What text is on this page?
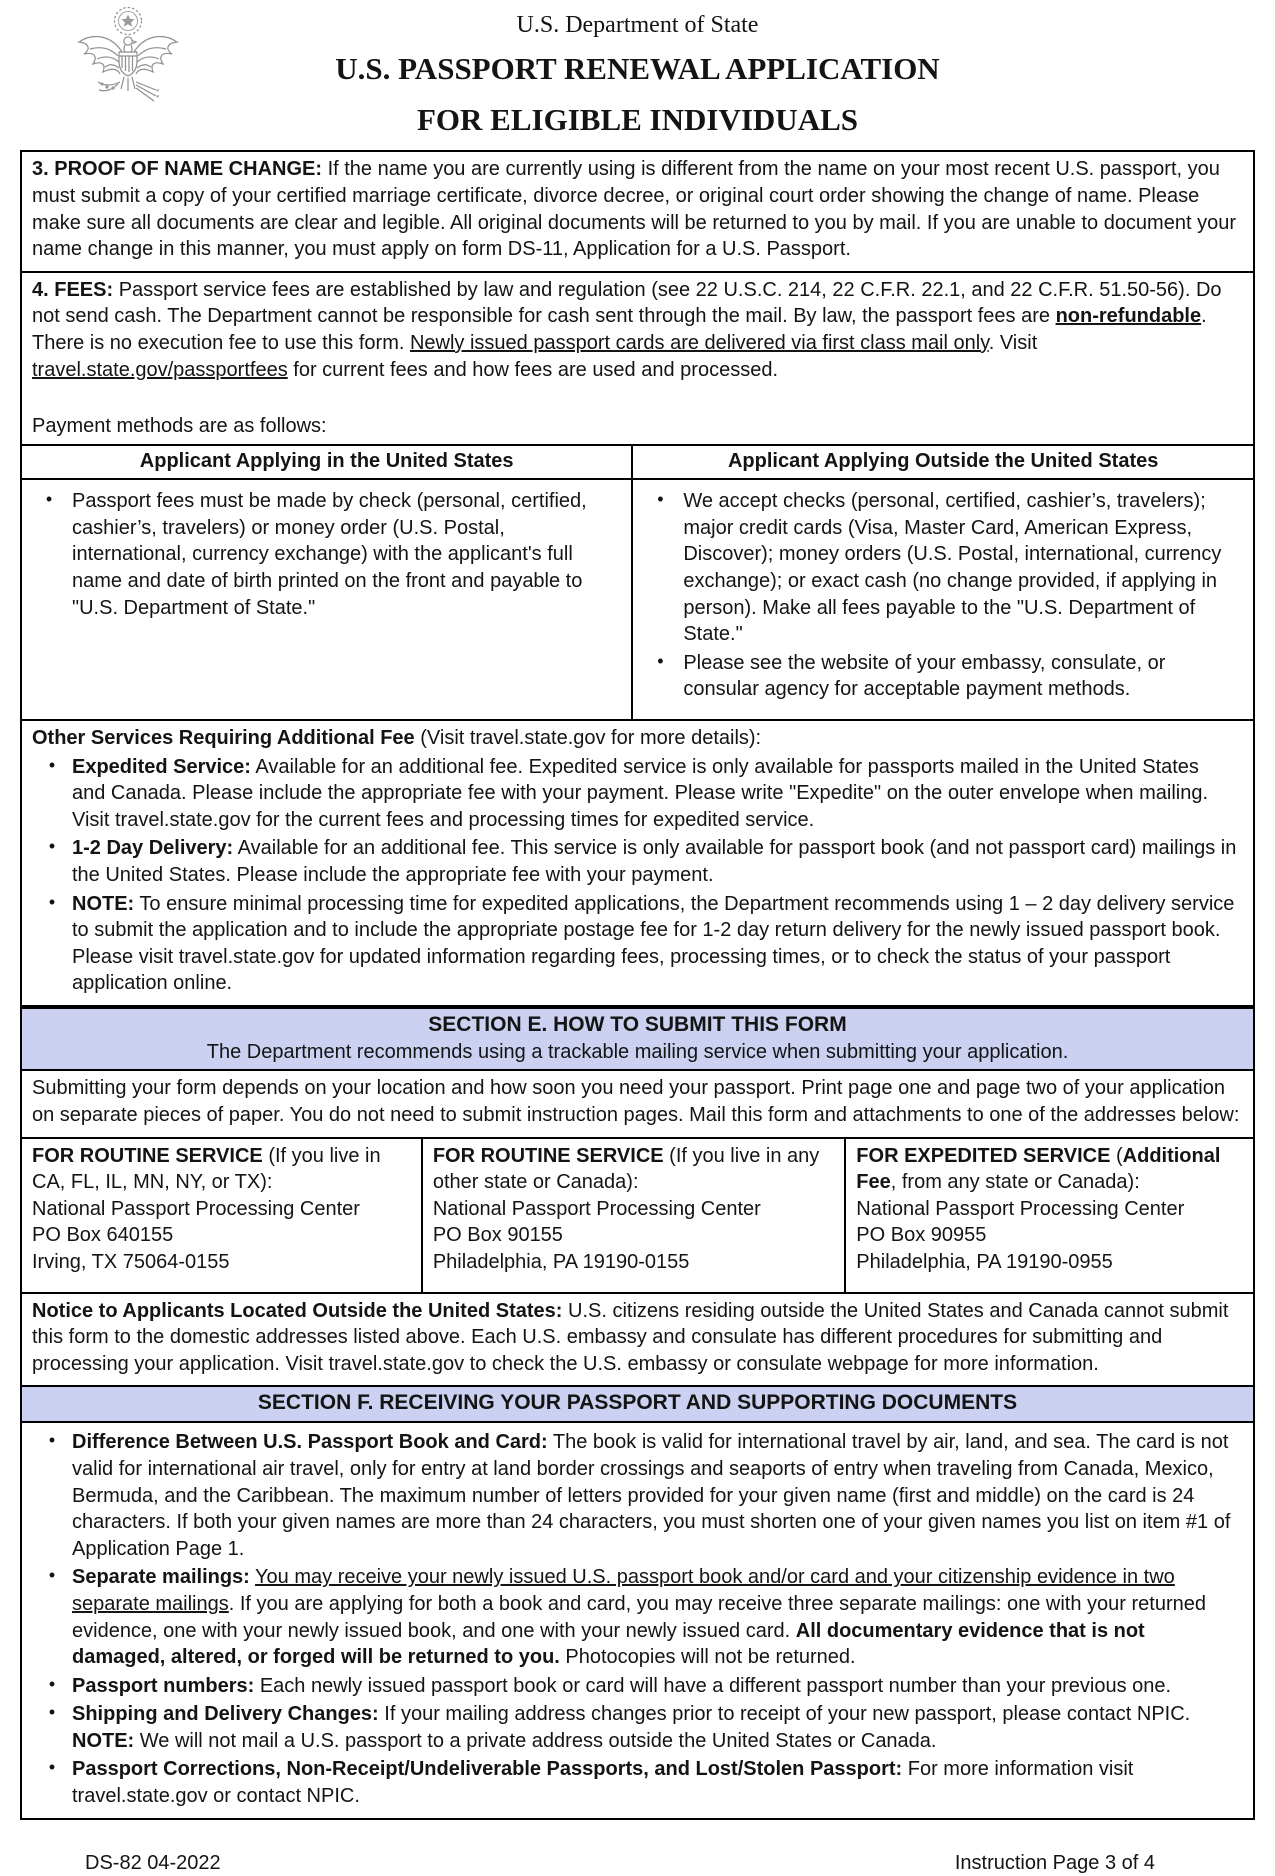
U.S. Department of State
U.S. PASSPORT RENEWAL APPLICATION
FOR ELIGIBLE INDIVIDUALS
3. PROOF OF NAME CHANGE: If the name you are currently using is different from the name on your most recent U.S. passport, you must submit a copy of your certified marriage certificate, divorce decree, or original court order showing the change of name. Please make sure all documents are clear and legible. All original documents will be returned to you by mail. If you are unable to document your name change in this manner, you must apply on form DS-11, Application for a U.S. Passport.
4. FEES: Passport service fees are established by law and regulation (see 22 U.S.C. 214, 22 C.F.R. 22.1, and 22 C.F.R. 51.50-56). Do not send cash. The Department cannot be responsible for cash sent through the mail. By law, the passport fees are non-refundable. There is no execution fee to use this form. Newly issued passport cards are delivered via first class mail only. Visit travel.state.gov/passportfees for current fees and how fees are used and processed.
Payment methods are as follows:
Applicant Applying in the United States
• Passport fees must be made by check (personal, certified, cashier’s, travelers) or money order (U.S. Postal, international, currency exchange) with the applicant's full name and date of birth printed on the front and payable to "U.S. Department of State."
Applicant Applying Outside the United States
• We accept checks (personal, certified, cashier’s, travelers); major credit cards (Visa, Master Card, American Express, Discover); money orders (U.S. Postal, international, currency exchange); or exact cash (no change provided, if applying in person). Make all fees payable to the "U.S. Department of State."
• Please see the website of your embassy, consulate, or consular agency for acceptable payment methods.
Other Services Requiring Additional Fee (Visit travel.state.gov for more details):
• Expedited Service: Available for an additional fee. Expedited service is only available for passports mailed in the United States and Canada. Please include the appropriate fee with your payment. Please write "Expedite" on the outer envelope when mailing. Visit travel.state.gov for the current fees and processing times for expedited service.
• 1-2 Day Delivery: Available for an additional fee. This service is only available for passport book (and not passport card) mailings in the United States. Please include the appropriate fee with your payment.
• NOTE: To ensure minimal processing time for expedited applications, the Department recommends using 1 – 2 day delivery service to submit the application and to include the appropriate postage fee for 1-2 day return delivery for the newly issued passport book. Please visit travel.state.gov for updated information regarding fees, processing times, or to check the status of your passport application online.
SECTION E. HOW TO SUBMIT THIS FORM
The Department recommends using a trackable mailing service when submitting your application.
Submitting your form depends on your location and how soon you need your passport. Print page one and page two of your application on separate pieces of paper. You do not need to submit instruction pages. Mail this form and attachments to one of the addresses below:
FOR ROUTINE SERVICE (If you live in CA, FL, IL, MN, NY, or TX):
National Passport Processing Center
PO Box 640155
Irving, TX 75064-0155
FOR ROUTINE SERVICE (If you live in any other state or Canada):
National Passport Processing Center
PO Box 90155
Philadelphia, PA 19190-0155
FOR EXPEDITED SERVICE (Additional Fee, from any state or Canada):
National Passport Processing Center
PO Box 90955
Philadelphia, PA 19190-0955
Notice to Applicants Located Outside the United States: U.S. citizens residing outside the United States and Canada cannot submit this form to the domestic addresses listed above. Each U.S. embassy and consulate has different procedures for submitting and processing your application. Visit travel.state.gov to check the U.S. embassy or consulate webpage for more information.
SECTION F. RECEIVING YOUR PASSPORT AND SUPPORTING DOCUMENTS
• Difference Between U.S. Passport Book and Card: The book is valid for international travel by air, land, and sea. The card is not valid for international air travel, only for entry at land border crossings and seaports of entry when traveling from Canada, Mexico, Bermuda, and the Caribbean. The maximum number of letters provided for your given name (first and middle) on the card is 24 characters. If both your given names are more than 24 characters, you must shorten one of your given names you list on item #1 of Application Page 1.
• Separate mailings: You may receive your newly issued U.S. passport book and/or card and your citizenship evidence in two separate mailings. If you are applying for both a book and card, you may receive three separate mailings: one with your returned evidence, one with your newly issued book, and one with your newly issued card. All documentary evidence that is not damaged, altered, or forged will be returned to you. Photocopies will not be returned.
• Passport numbers: Each newly issued passport book or card will have a different passport number than your previous one.
• Shipping and Delivery Changes: If your mailing address changes prior to receipt of your new passport, please contact NPIC. NOTE: We will not mail a U.S. passport to a private address outside the United States or Canada.
• Passport Corrections, Non-Receipt/Undeliverable Passports, and Lost/Stolen Passport: For more information visit travel.state.gov or contact NPIC.
DS-82 04-2022	Instruction Page 3 of 4
